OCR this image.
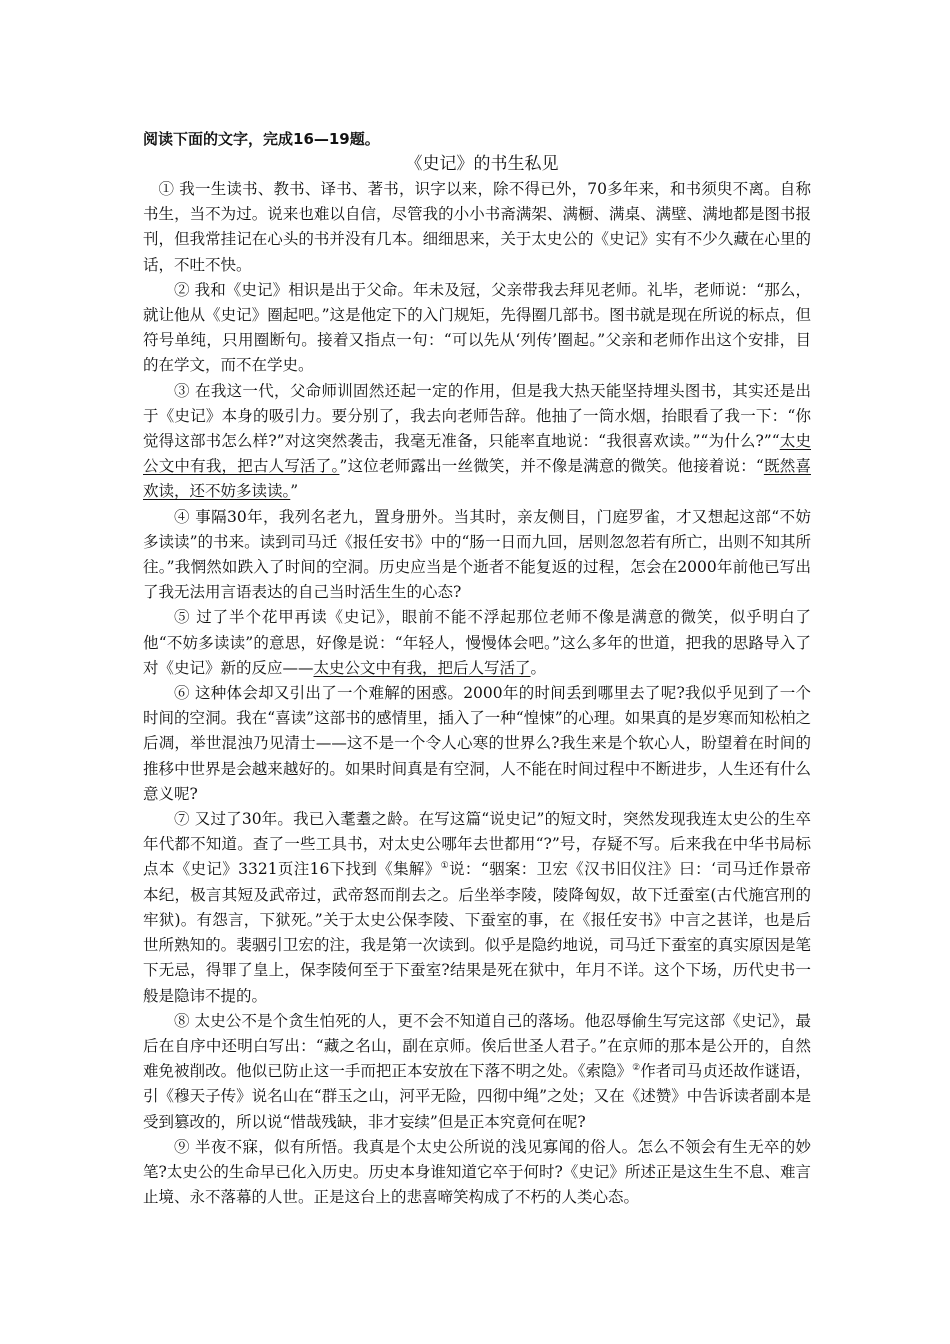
阅读下面的文字，完成16—19题。

《史记》的书生私见

① 我一生读书、教书、译书、著书，识字以来，除不得已外，70多年来，和书须臾不离。自称书生，当不为过。说来也难以自信，尽管我的小小书斋满架、满橱、满桌、满壁、满地都是图书报刊，但我常挂记在心头的书并没有几本。细细思来，关于太史公的《史记》实有不少久藏在心里的话，不吐不快。

② 我和《史记》相识是出于父命。年未及冠，父亲带我去拜见老师。礼毕，老师说：“那么，就让他从《史记》圈起吧。”这是他定下的入门规矩，先得圈几部书。图书就是现在所说的标点，但符号单纯，只用圈断句。接着又指点一句：“可以先从‘列传’圈起。”父亲和老师作出这个安排，目的在学文，而不在学史。

③ 在我这一代，父命师训固然还起一定的作用，但是我大热天能坚持埋头图书，其实还是出于《史记》本身的吸引力。要分别了，我去向老师告辞。他抽了一筒水烟，抬眼看了我一下：“你觉得这部书怎么样?”对这突然袭击，我毫无准备，只能率直地说：“我很喜欢读。”“为什么?”“太史公文中有我，把古人写活了。”这位老师露出一丝微笑，并不像是满意的微笑。他接着说：“既然喜欢读，还不妨多读读。”

④ 事隔30年，我列名老九，置身册外。当其时，亲友侧目，门庭罗雀，才又想起这部“不妨多读读”的书来。读到司马迁《报任安书》中的“肠一日而九回，居则忽忽若有所亡，出则不知其所往。”我惘然如跌入了时间的空洞。历史应当是个逝者不能复返的过程，怎会在2000年前他已写出了我无法用言语表达的自己当时活生生的心态?

⑤ 过了半个花甲再读《史记》，眼前不能不浮起那位老师不像是满意的微笑，似乎明白了他“不妨多读读”的意思，好像是说：“年轻人，慢慢体会吧。”这么多年的世道，把我的思路导入了对《史记》新的反应——太史公文中有我，把后人写活了。

⑥ 这种体会却又引出了一个难解的困惑。2000年的时间丢到哪里去了呢?我似乎见到了一个时间的空洞。我在“喜读”这部书的感情里，插入了一种“惶悚”的心理。如果真的是岁寒而知松柏之后凋，举世混浊乃见清士——这不是一个令人心寒的世界么?我生来是个软心人，盼望着在时间的推移中世界是会越来越好的。如果时间真是有空洞，人不能在时间过程中不断进步，人生还有什么意义呢?

⑦ 又过了30年。我已入耄耋之龄。在写这篇“说史记”的短文时，突然发现我连太史公的生卒年代都不知道。查了一些工具书，对太史公哪年去世都用“?”号，存疑不写。后来我在中华书局标点本《史记》3321页注16下找到《集解》①说：“骃案：卫宏《汉书旧仪注》曰：‘司马迁作景帝本纪，极言其短及武帝过，武帝怒而削去之。后坐举李陵，陵降匈奴，故下迁蚕室(古代施宫刑的牢狱)。有怨言，下狱死。”关于太史公保李陵、下蚕室的事，在《报任安书》中言之甚详，也是后世所熟知的。裴骃引卫宏的注，我是第一次读到。似乎是隐约地说，司马迁下蚕室的真实原因是笔下无忌，得罪了皇上，保李陵何至于下蚕室?结果是死在狱中，年月不详。这个下场，历代史书一般是隐讳不提的。

⑧ 太史公不是个贪生怕死的人，更不会不知道自己的落场。他忍辱偷生写完这部《史记》，最后在自序中还明白写出：“藏之名山，副在京师。俟后世圣人君子。”在京师的那本是公开的，自然难免被削改。他似已防止这一手而把正本安放在下落不明之处。《索隐》②作者司马贞还故作谜语，引《穆天子传》说名山在“群玉之山，河平无险，四彻中绳”之处；又在《述赞》中告诉读者副本是受到篡改的，所以说“惜哉残缺，非才妄续”但是正本究竟何在呢?

⑨ 半夜不寐，似有所悟。我真是个太史公所说的浅见寡闻的俗人。怎么不领会有生无卒的妙笔?太史公的生命早已化入历史。历史本身谁知道它卒于何时?《史记》所述正是这生生不息、难言止境、永不落幕的人世。正是这台上的悲喜啼笑构成了不朽的人类心态。
